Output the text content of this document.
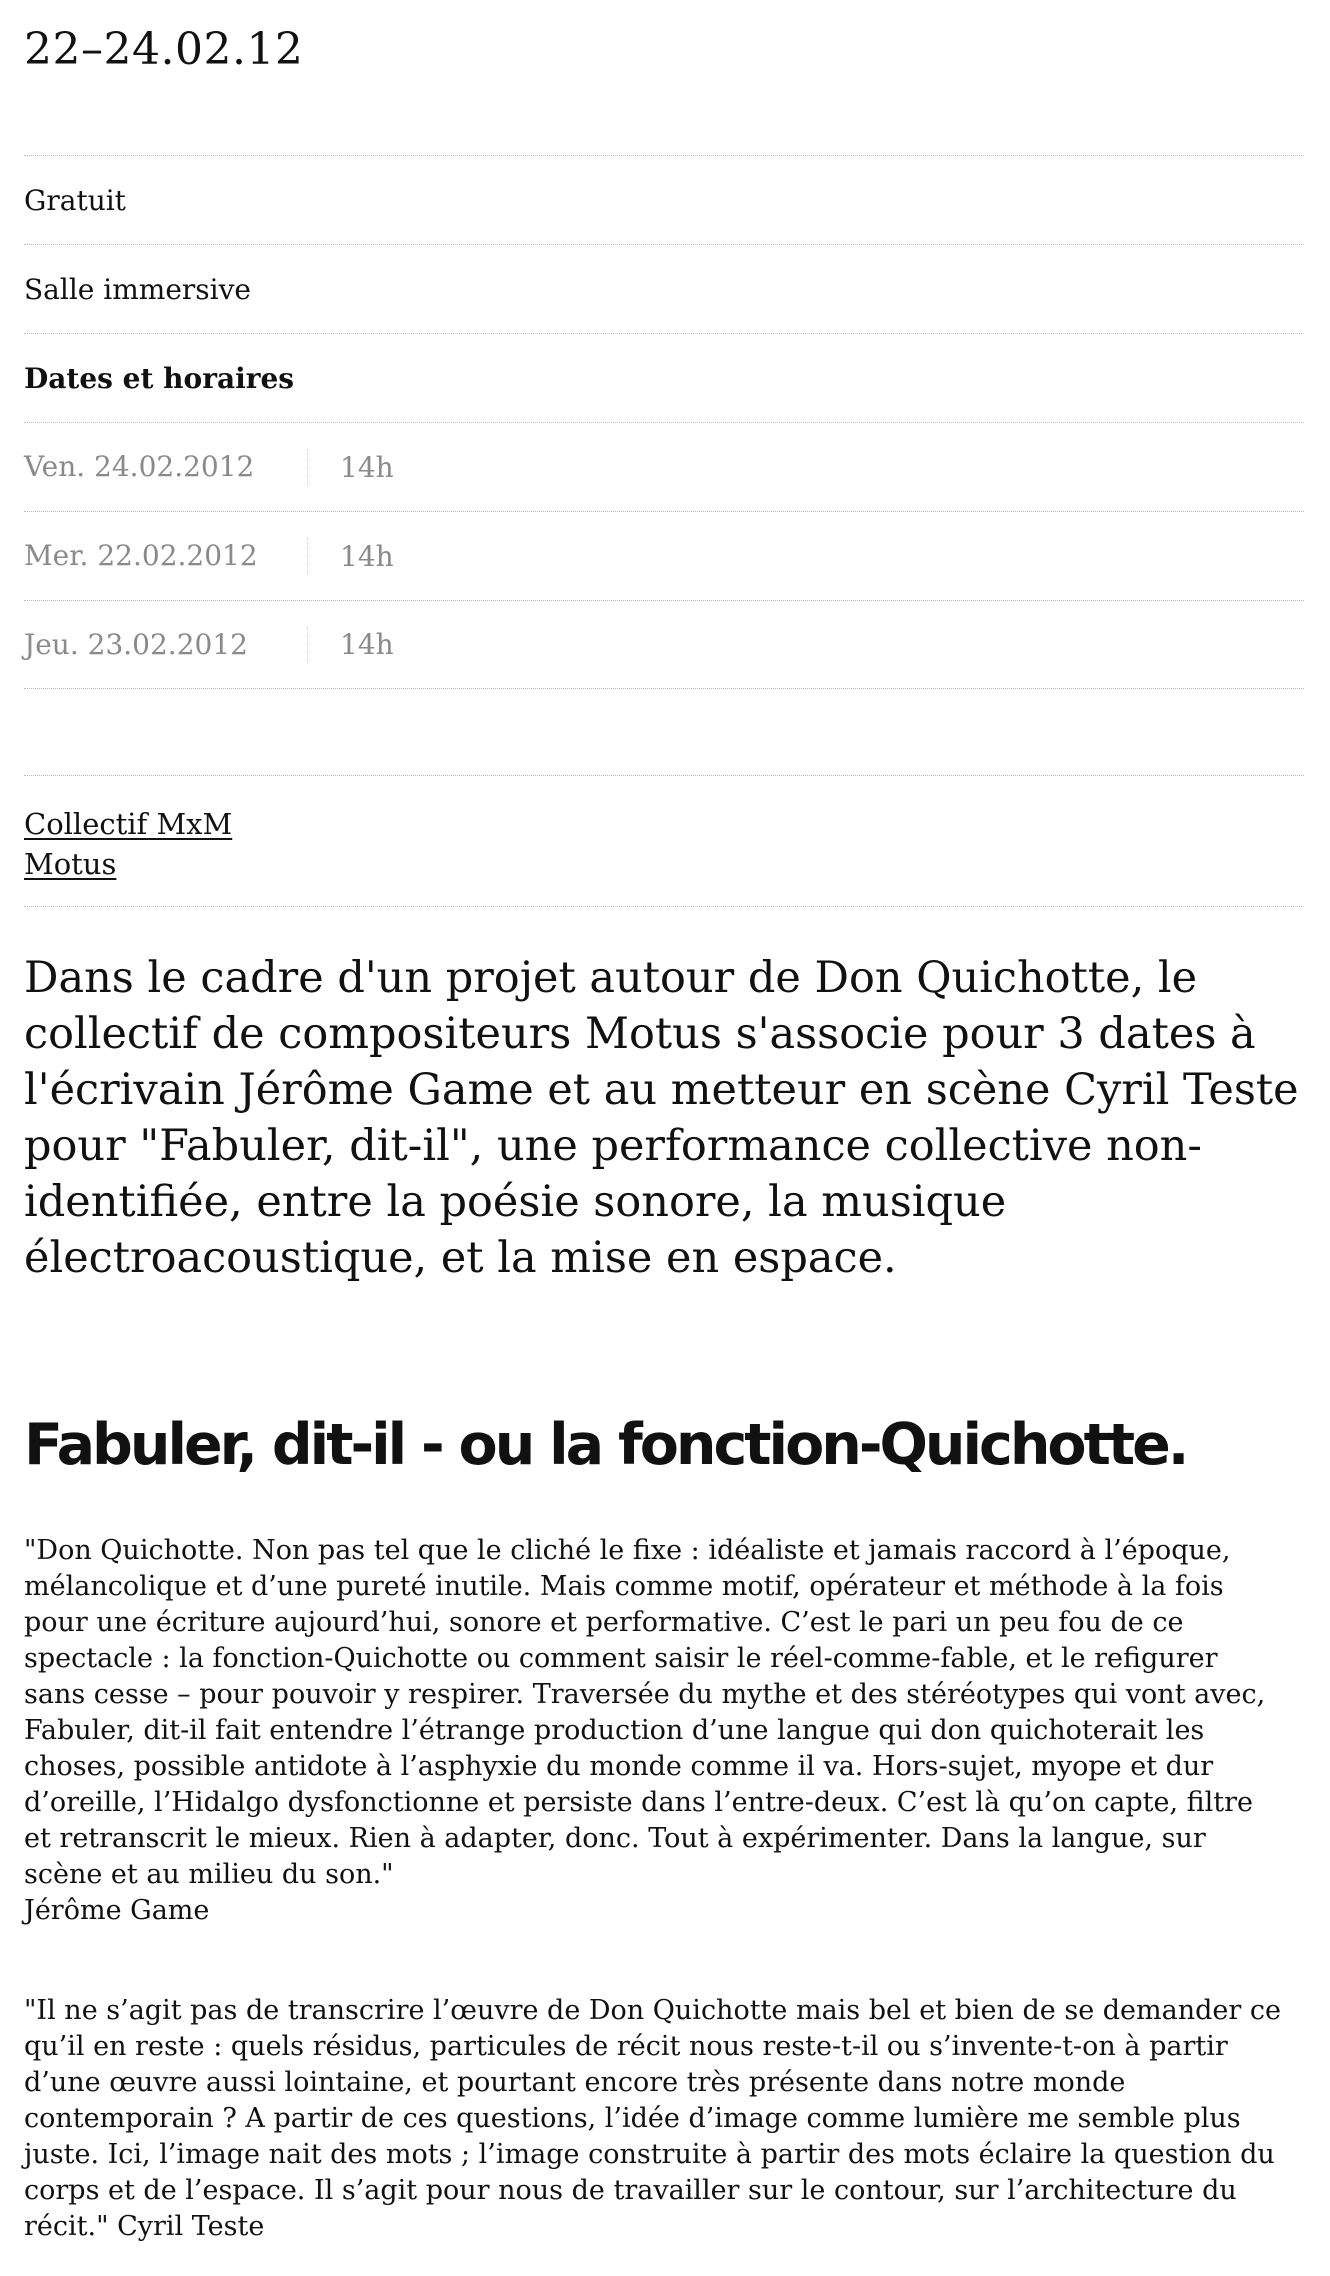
22–24.02.12
Gratuit
Salle immersive
Dates et horaires
Ven. 24.02.2012	14h
Mer. 22.02.2012	14h
Jeu. 23.02.2012	14h
Collectif MxM
Motus

Dans le cadre d'un projet autour de Don Quichotte, le collectif de compositeurs Motus s'associe pour 3 dates à l'écrivain Jérôme Game et au metteur en scène Cyril Teste pour "Fabuler, dit-il", une performance collective non-identifiée, entre la poésie sonore, la musique électroacoustique, et la mise en espace.

Fabuler, dit-il - ou la fonction-Quichotte.

"Don Quichotte. Non pas tel que le cliché le fixe : idéaliste et jamais raccord à l’époque,
mélancolique et d’une pureté inutile. Mais comme motif, opérateur et méthode à la fois
pour une écriture aujourd’hui, sonore et performative. C’est le pari un peu fou de ce
spectacle : la fonction-Quichotte ou comment saisir le réel-comme-fable, et le refigurer
sans cesse – pour pouvoir y respirer. Traversée du mythe et des stéréotypes qui vont avec,
Fabuler, dit-il fait entendre l’étrange production d’une langue qui don quichoterait les
choses, possible antidote à l’asphyxie du monde comme il va. Hors-sujet, myope et dur
d’oreille, l’Hidalgo dysfonctionne et persiste dans l’entre-deux. C’est là qu’on capte, filtre
et retranscrit le mieux. Rien à adapter, donc. Tout à expérimenter. Dans la langue, sur
scène et au milieu du son."
Jérôme Game

"Il ne s’agit pas de transcrire l’œuvre de Don Quichotte mais bel et bien de se demander ce
qu’il en reste : quels résidus, particules de récit nous reste-t-il ou s’invente-t-on à partir
d’une œuvre aussi lointaine, et pourtant encore très présente dans notre monde
contemporain ? A partir de ces questions, l’idée d’image comme lumière me semble plus
juste. Ici, l’image nait des mots ; l’image construite à partir des mots éclaire la question du
corps et de l’espace. Il s’agit pour nous de travailler sur le contour, sur l’architecture du
récit." Cyril Teste
